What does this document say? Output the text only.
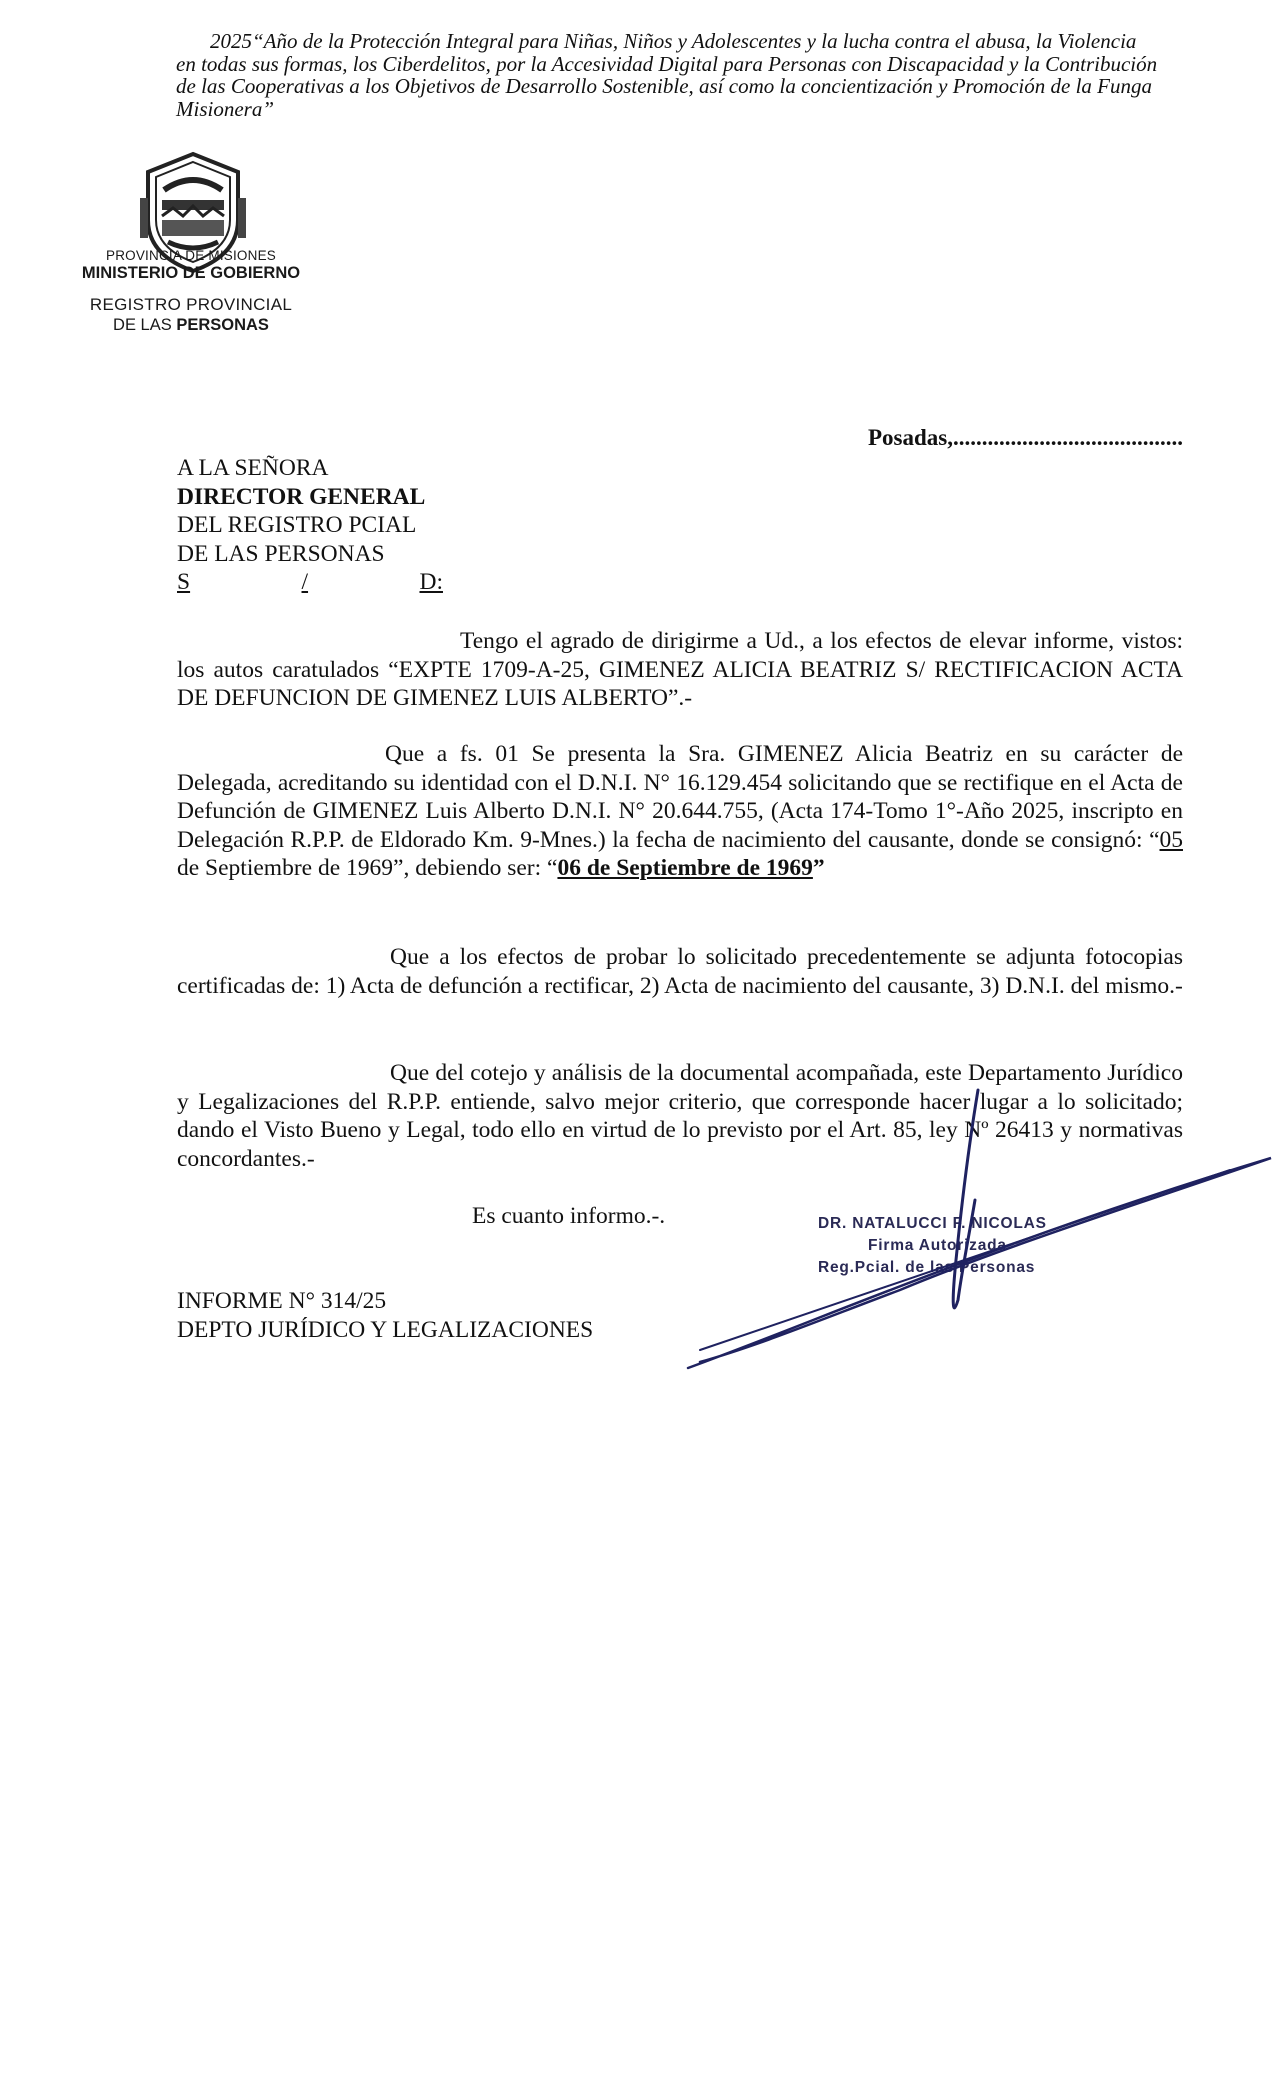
2025“Año de la Protección Integral para Niñas, Niños y Adolescentes y la lucha contra el abusa, la Violencia
en todas sus formas, los Ciberdelitos, por la Accesividad Digital para Personas con Discapacidad y la Contribución
de las Cooperativas a los Objetivos de Desarrollo Sostenible, así como la concientización y Promoción de la Funga
Misionera”
PROVINCIA DE MISIONES
MINISTERIO DE GOBIERNO
REGISTRO PROVINCIAL
DE LAS PERSONAS
Posadas,........................................
A LA SEÑORA
DIRECTOR GENERAL
DEL REGISTRO PCIAL
DE LAS PERSONAS
S	/	D:
Tengo el agrado de dirigirme a Ud., a los efectos de elevar informe, vistos: los autos caratulados “EXPTE 1709-A-25, GIMENEZ ALICIA BEATRIZ S/ RECTIFICACION ACTA DE DEFUNCION DE GIMENEZ LUIS ALBERTO”.-
Que a fs. 01 Se presenta la Sra. GIMENEZ Alicia Beatriz en su carácter de Delegada, acreditando su identidad con el D.N.I. N° 16.129.454 solicitando que se rectifique en el Acta de Defunción de GIMENEZ Luis Alberto D.N.I. N° 20.644.755, (Acta 174-Tomo 1°-Año 2025, inscripto en Delegación R.P.P. de Eldorado Km. 9-Mnes.) la fecha de nacimiento del causante, donde se consignó: “05 de Septiembre de 1969”, debiendo ser: “06 de Septiembre de 1969”
Que a los efectos de probar lo solicitado precedentemente se adjunta fotocopias certificadas de: 1) Acta de defunción a rectificar, 2) Acta de nacimiento del causante, 3) D.N.I. del mismo.-
Que del cotejo y análisis de la documental acompañada, este Departamento Jurídico y Legalizaciones del R.P.P. entiende, salvo mejor criterio, que corresponde hacer lugar a lo solicitado; dando el Visto Bueno y Legal, todo ello en virtud de lo previsto por el Art. 85, ley Nº 26413 y normativas concordantes.-
Es cuanto informo.-.
INFORME N° 314/25
DEPTO JURÍDICO Y LEGALIZACIONES
DR. NATALUCCI F. NICOLAS
Firma Autorizada
Reg.Pcial. de las Personas
